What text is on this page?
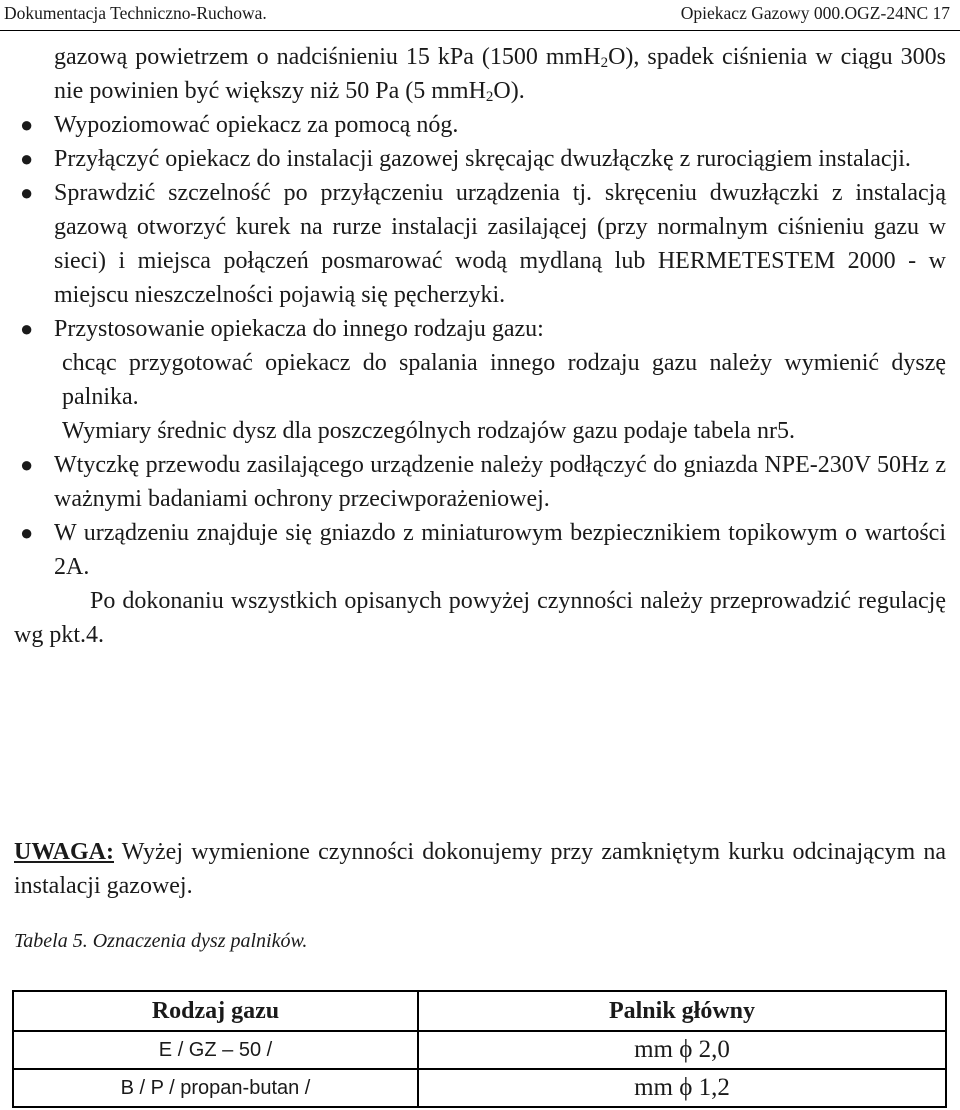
Dokumentacja Techniczno-Ruchowa.	Opiekacz Gazowy 000.OGZ-24NC 17

gazową powietrzem o nadciśnieniu 15 kPa (1500 mmH$_2$O), spadek ciśnienia w ciągu 300s nie powinien być większy niż 50 Pa (5 mmH$_2$O).

● Wypoziomować opiekacz za pomocą nóg.

● Przyłączyć opiekacz do instalacji gazowej skręcając dwuzłączkę z rurociągiem instalacji.

● Sprawdzić szczelność po przyłączeniu urządzenia tj. skręceniu dwuzłączki z instalacją gazową otworzyć kurek na rurze instalacji zasilającej (przy normalnym ciśnieniu gazu w sieci) i miejsca połączeń posmarować wodą mydlaną lub HERMETESTEM 2000 - w miejscu nieszczelności pojawią się pęcherzyki.

● Przystosowanie opiekacza do innego rodzaju gazu:

chcąc przygotować opiekacz do spalania innego rodzaju gazu należy wymienić dyszę palnika.

Wymiary średnic dysz dla poszczególnych rodzajów gazu podaje tabela nr5.

● Wtyczkę przewodu zasilającego urządzenie należy podłączyć do gniazda NPE-230V 50Hz z ważnymi badaniami ochrony przeciwporażeniowej.

● W urządzeniu znajduje się gniazdo z miniaturowym bezpiecznikiem topikowym o wartości 2A.

Po dokonaniu wszystkich opisanych powyżej czynności należy przeprowadzić regulację wg pkt.4.

UWAGA: Wyżej wymienione czynności dokonujemy przy zamkniętym kurku odcinającym na instalacji gazowej.
Tabela 5. Oznaczenia dysz palników.
Rodzaj gazu	Palnik główny
E / GZ – 50 /	mm ϕ 2,0
B / P / propan-butan /	mm ϕ 1,2
